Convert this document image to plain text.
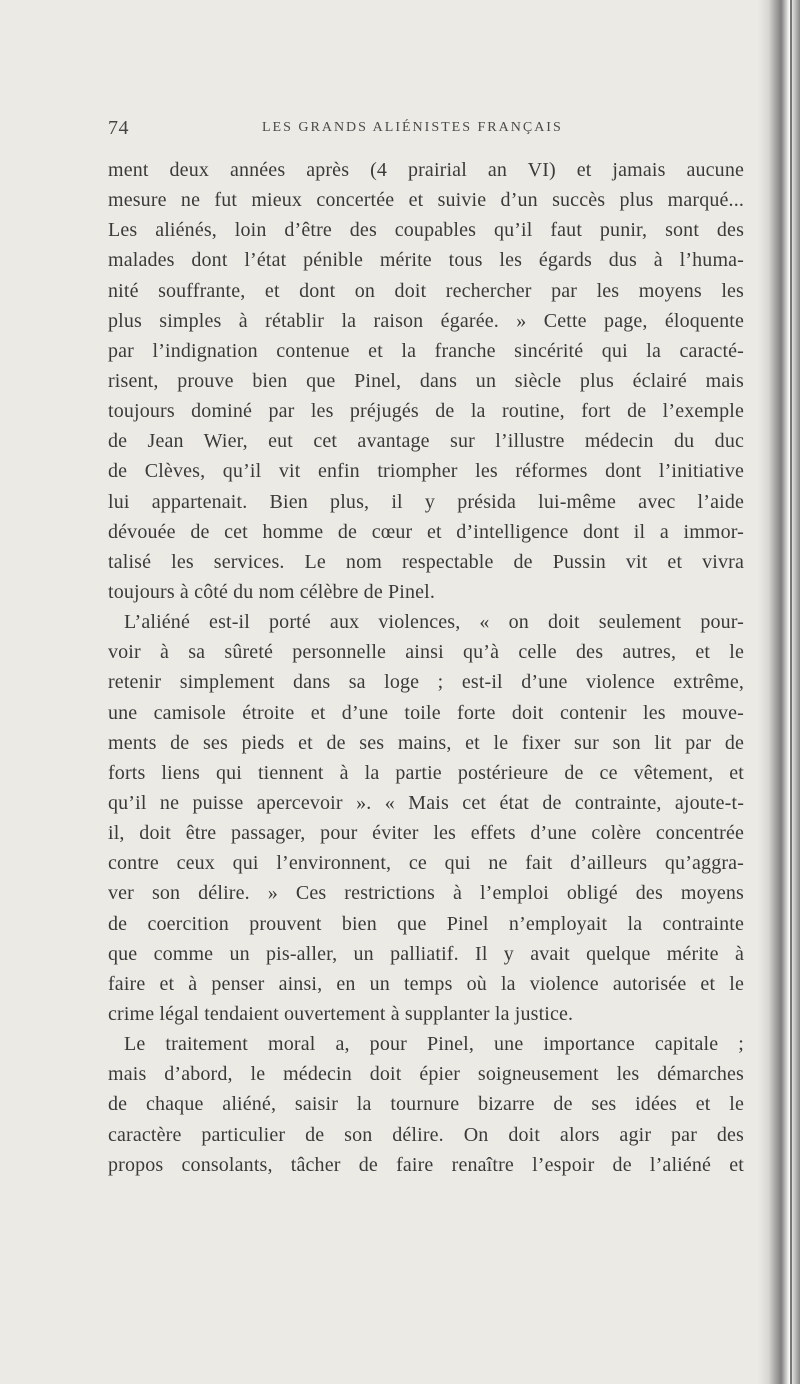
74	LES GRANDS ALIÉNISTES FRANÇAIS
ment deux années après (4 prairial an VI) et jamais aucune
mesure ne fut mieux concertée et suivie d’un succès plus marqué...
Les aliénés, loin d’être des coupables qu’il faut punir, sont des
malades dont l’état pénible mérite tous les égards dus à l’huma-
nité souffrante, et dont on doit rechercher par les moyens les
plus simples à rétablir la raison égarée. » Cette page, éloquente
par l’indignation contenue et la franche sincérité qui la caracté-
risent, prouve bien que Pinel, dans un siècle plus éclairé mais
toujours dominé par les préjugés de la routine, fort de l’exemple
de Jean Wier, eut cet avantage sur l’illustre médecin du duc
de Clèves, qu’il vit enfin triompher les réformes dont l’initiative
lui appartenait. Bien plus, il y présida lui-même avec l’aide
dévouée de cet homme de cœur et d’intelligence dont il a immor-
talisé les services. Le nom respectable de Pussin vit et vivra
toujours à côté du nom célèbre de Pinel.
L’aliéné est-il porté aux violences, « on doit seulement pour-
voir à sa sûreté personnelle ainsi qu’à celle des autres, et le
retenir simplement dans sa loge ; est-il d’une violence extrême,
une camisole étroite et d’une toile forte doit contenir les mouve-
ments de ses pieds et de ses mains, et le fixer sur son lit par de
forts liens qui tiennent à la partie postérieure de ce vêtement, et
qu’il ne puisse apercevoir ». « Mais cet état de contrainte, ajoute-t-
il, doit être passager, pour éviter les effets d’une colère concentrée
contre ceux qui l’environnent, ce qui ne fait d’ailleurs qu’aggra-
ver son délire. » Ces restrictions à l’emploi obligé des moyens
de coercition prouvent bien que Pinel n’employait la contrainte
que comme un pis-aller, un palliatif. Il y avait quelque mérite à
faire et à penser ainsi, en un temps où la violence autorisée et le
crime légal tendaient ouvertement à supplanter la justice.
Le traitement moral a, pour Pinel, une importance capitale ;
mais d’abord, le médecin doit épier soigneusement les démarches
de chaque aliéné, saisir la tournure bizarre de ses idées et le
caractère particulier de son délire. On doit alors agir par des
propos consolants, tâcher de faire renaître l’espoir de l’aliéné et
